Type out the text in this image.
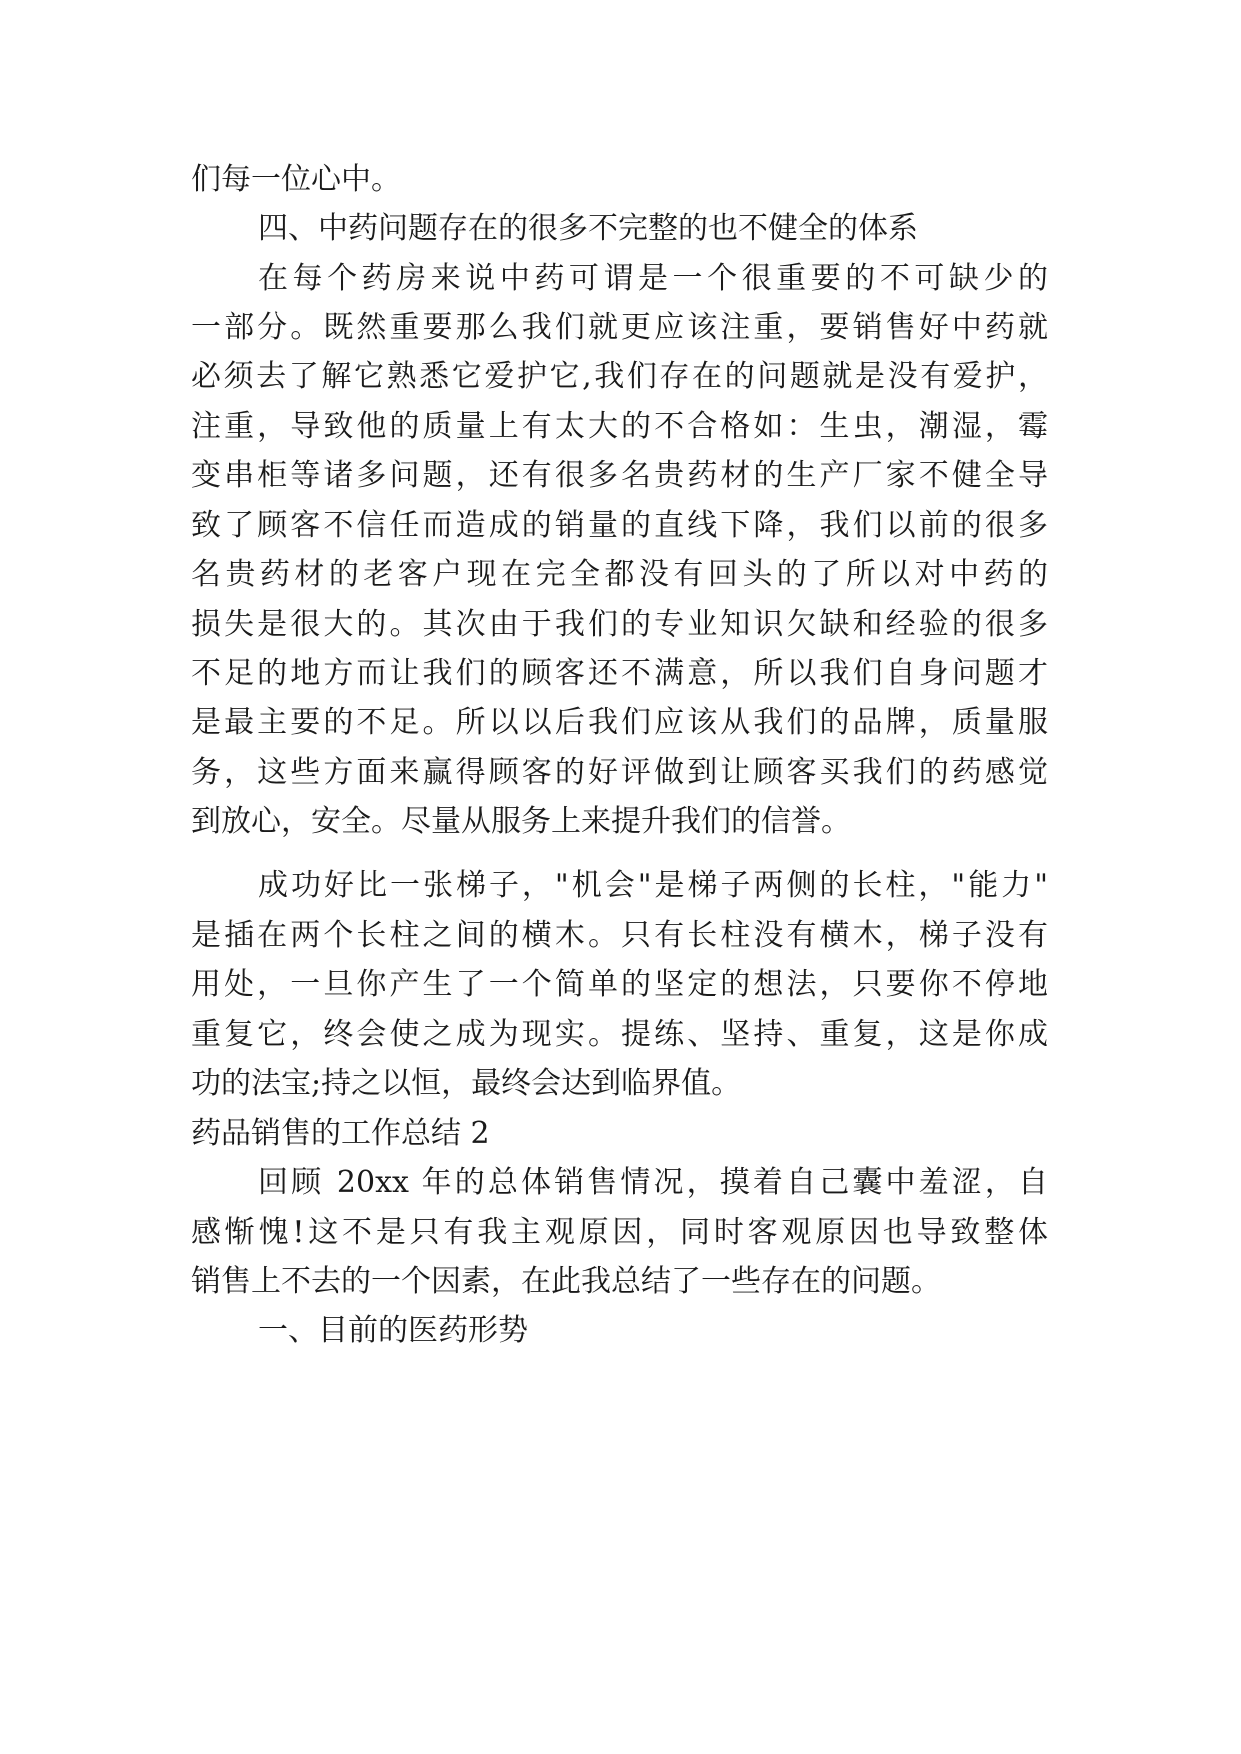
们每一位心中。
四、中药问题存在的很多不完整的也不健全的体系
在每个药房来说中药可谓是一个很重要的不可缺少的
一部分。既然重要那么我们就更应该注重，要销售好中药就
必须去了解它熟悉它爱护它,我们存在的问题就是没有爱护，
注重，导致他的质量上有太大的不合格如：生虫，潮湿，霉
变串柜等诸多问题，还有很多名贵药材的生产厂家不健全导
致了顾客不信任而造成的销量的直线下降，我们以前的很多
名贵药材的老客户现在完全都没有回头的了所以对中药的
损失是很大的。其次由于我们的专业知识欠缺和经验的很多
不足的地方而让我们的顾客还不满意，所以我们自身问题才
是最主要的不足。所以以后我们应该从我们的品牌，质量服
务，这些方面来赢得顾客的好评做到让顾客买我们的药感觉
到放心，安全。尽量从服务上来提升我们的信誉。
成功好比一张梯子，"机会"是梯子两侧的长柱，"能力"
是插在两个长柱之间的横木。只有长柱没有横木，梯子没有
用处，一旦你产生了一个简单的坚定的想法，只要你不停地
重复它，终会使之成为现实。提练、坚持、重复，这是你成
功的法宝;持之以恒，最终会达到临界值。
药品销售的工作总结 2
回顾 20xx 年的总体销售情况，摸着自己囊中羞涩，自
感惭愧!这不是只有我主观原因，同时客观原因也导致整体
销售上不去的一个因素，在此我总结了一些存在的问题。
一、目前的医药形势
